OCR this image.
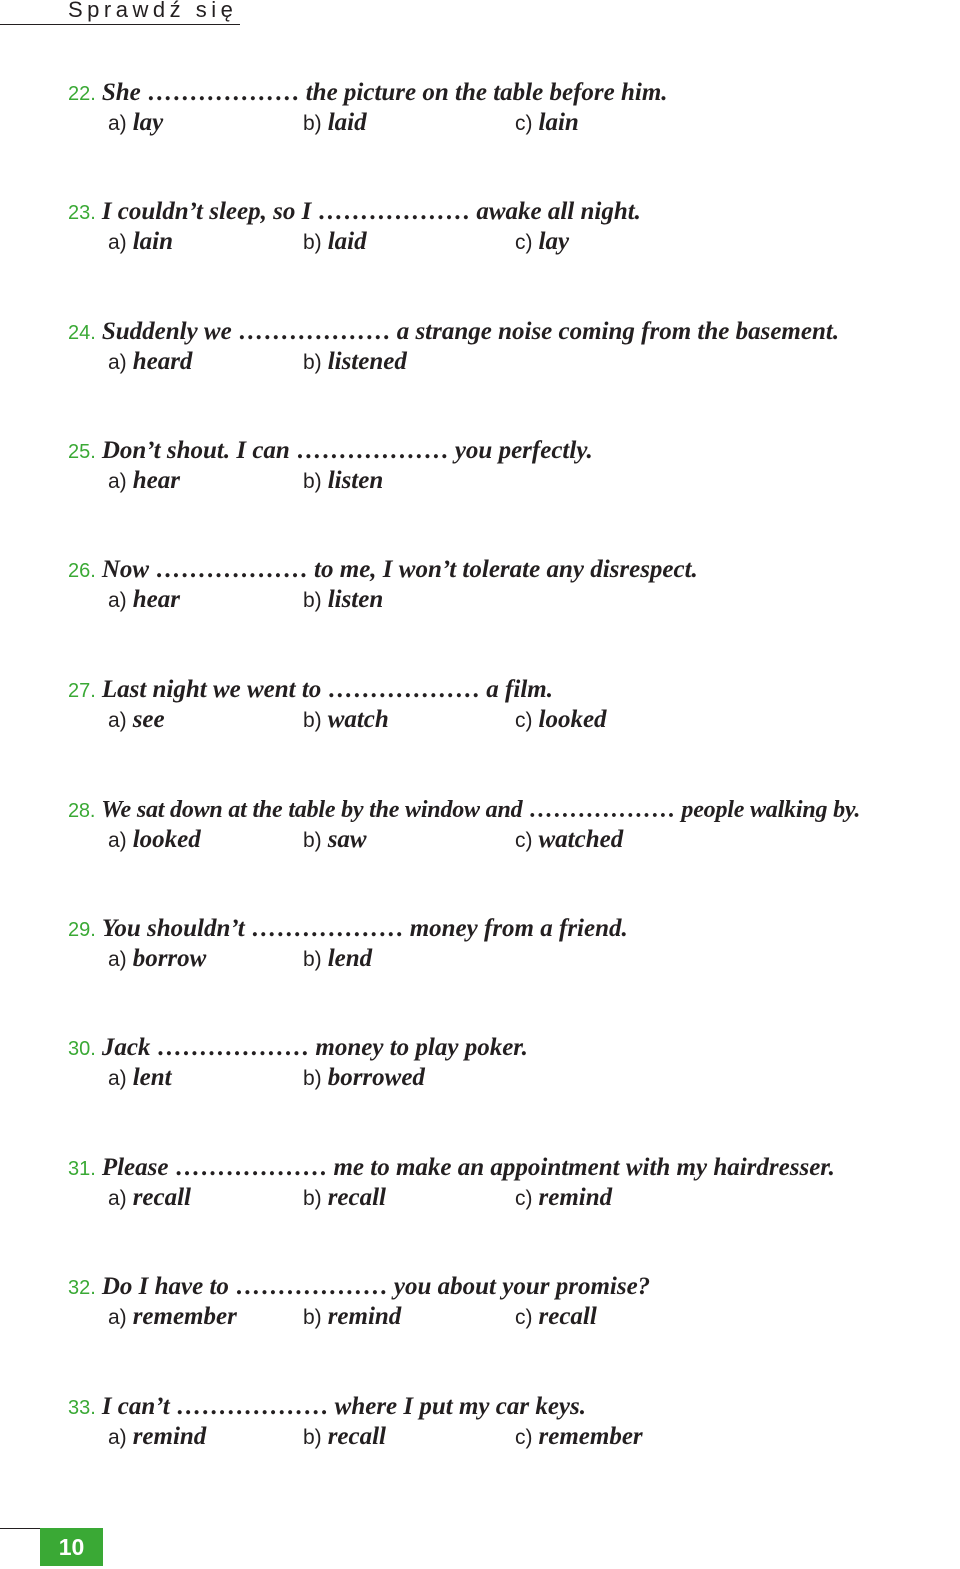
Sprawdź się
22. She ……………… the picture on the table before him.
a) lay	b) laid	c) lain
23. I couldn’t sleep, so I ……………… awake all night.
a) lain	b) laid	c) lay
24. Suddenly we ……………… a strange noise coming from the basement.
a) heard	b) listened
25. Don’t shout. I can ……………… you perfectly.
a) hear	b) listen
26. Now ……………… to me, I won’t tolerate any disrespect.
a) hear	b) listen
27. Last night we went to ……………… a film.
a) see	b) watch	c) looked
28. We sat down at the table by the window and ……………… people walking by.
a) looked	b) saw	c) watched
29. You shouldn’t ……………… money from a friend.
a) borrow	b) lend
30. Jack ……………… money to play poker.
a) lent	b) borrowed
31. Please ……………… me to make an appointment with my hairdresser.
a) recall	b) recall	c) remind
32. Do I have to ……………… you about your promise?
a) remember	b) remind	c) recall
33. I can’t ……………… where I put my car keys.
a) remind	b) recall	c) remember
10
